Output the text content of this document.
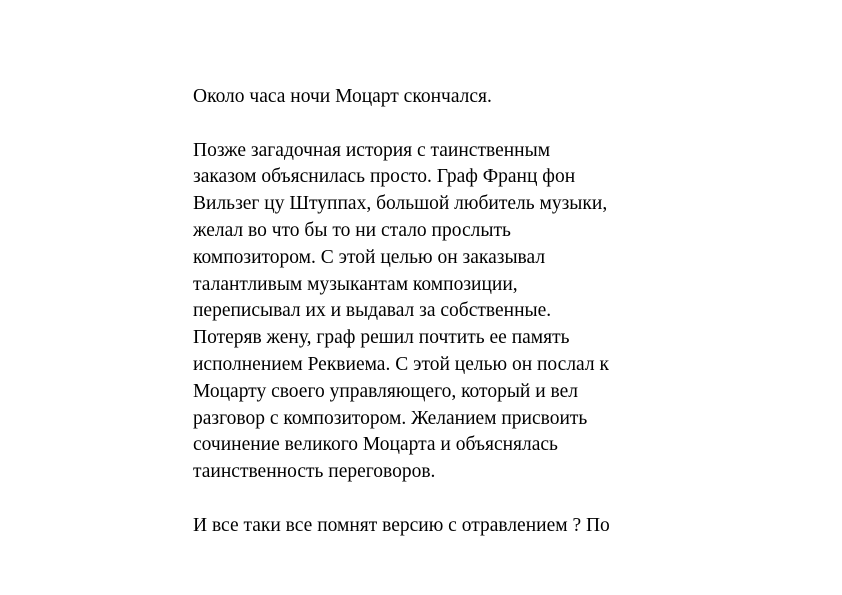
Около часа ночи Моцарт скончался.
Позже загадочная история с таинственным
заказом объяснилась просто. Граф Франц фон
Вильзег цу Штуппах, большой любитель музыки,
желал во что бы то ни стало прослыть
композитором. С этой целью он заказывал
талантливым музыкантам композиции,
переписывал их и выдавал за собственные.
Потеряв жену, граф решил почтить ее память
исполнением Реквиема. С этой целью он послал к
Моцарту своего управляющего, который и вел
разговор с композитором. Желанием присвоить
сочинение великого Моцарта и объяснялась
таинственность переговоров.
И все таки все помнят версию с отравлением ? По
